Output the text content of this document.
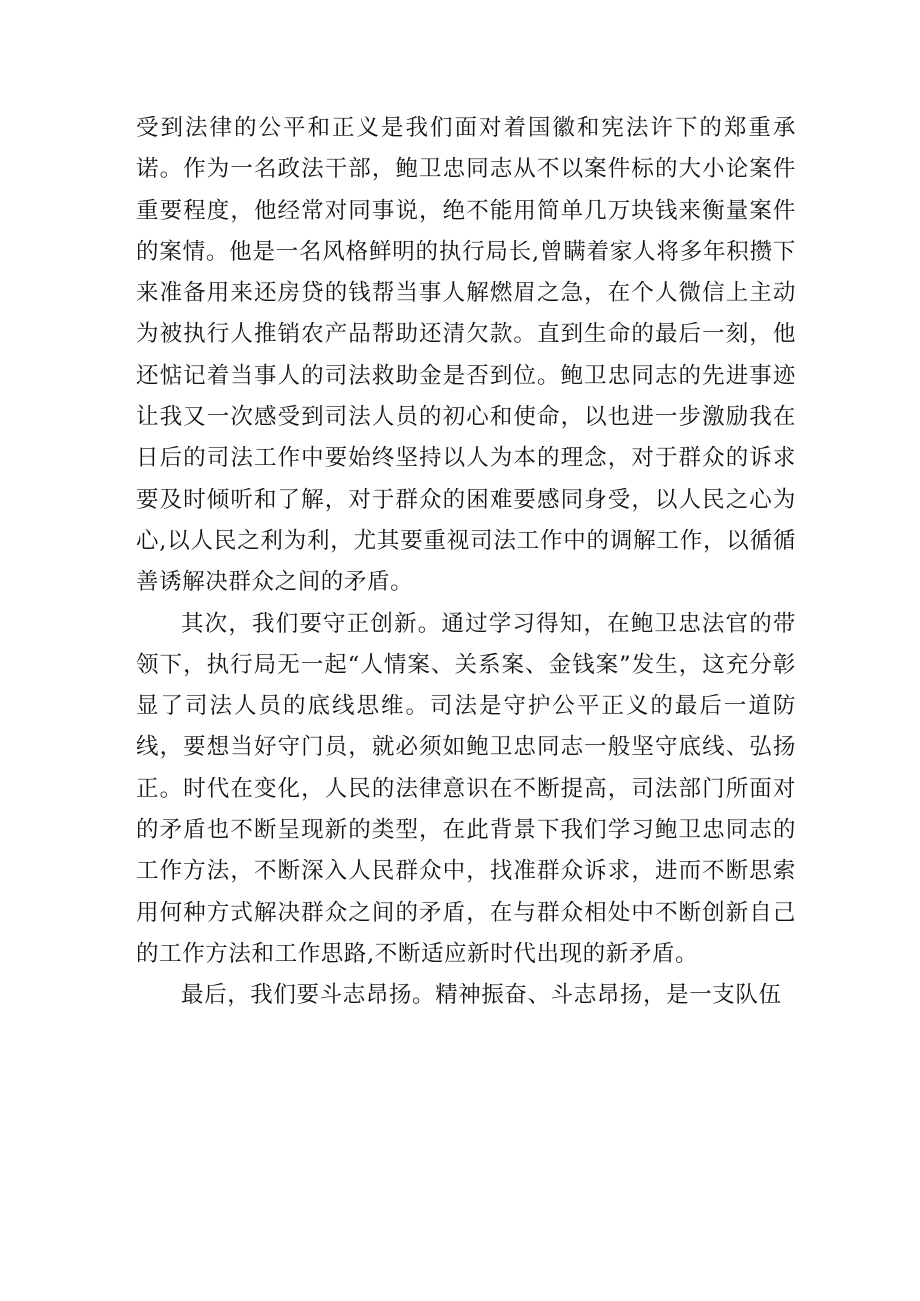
受到法律的公平和正义是我们面对着国徽和宪法许下的郑重承诺。作为一名政法干部，鲍卫忠同志从不以案件标的大小论案件重要程度，他经常对同事说，绝不能用简单几万块钱来衡量案件的案情。他是一名风格鲜明的执行局长,曾瞒着家人将多年积攒下来准备用来还房贷的钱帮当事人解燃眉之急，在个人微信上主动为被执行人推销农产品帮助还清欠款。直到生命的最后一刻，他还惦记着当事人的司法救助金是否到位。鲍卫忠同志的先进事迹让我又一次感受到司法人员的初心和使命，以也进一步激励我在日后的司法工作中要始终坚持以人为本的理念，对于群众的诉求要及时倾听和了解，对于群众的困难要感同身受，以人民之心为心,以人民之利为利，尤其要重视司法工作中的调解工作，以循循善诱解决群众之间的矛盾。

其次，我们要守正创新。通过学习得知，在鲍卫忠法官的带领下，执行局无一起“人情案、关系案、金钱案”发生，这充分彰显了司法人员的底线思维。司法是守护公平正义的最后一道防线，要想当好守门员，就必须如鲍卫忠同志一般坚守底线、弘扬正。时代在变化，人民的法律意识在不断提高，司法部门所面对的矛盾也不断呈现新的类型，在此背景下我们学习鲍卫忠同志的工作方法，不断深入人民群众中，找准群众诉求，进而不断思索用何种方式解决群众之间的矛盾，在与群众相处中不断创新自己的工作方法和工作思路,不断适应新时代出现的新矛盾。

最后，我们要斗志昂扬。精神振奋、斗志昂扬，是一支队伍
